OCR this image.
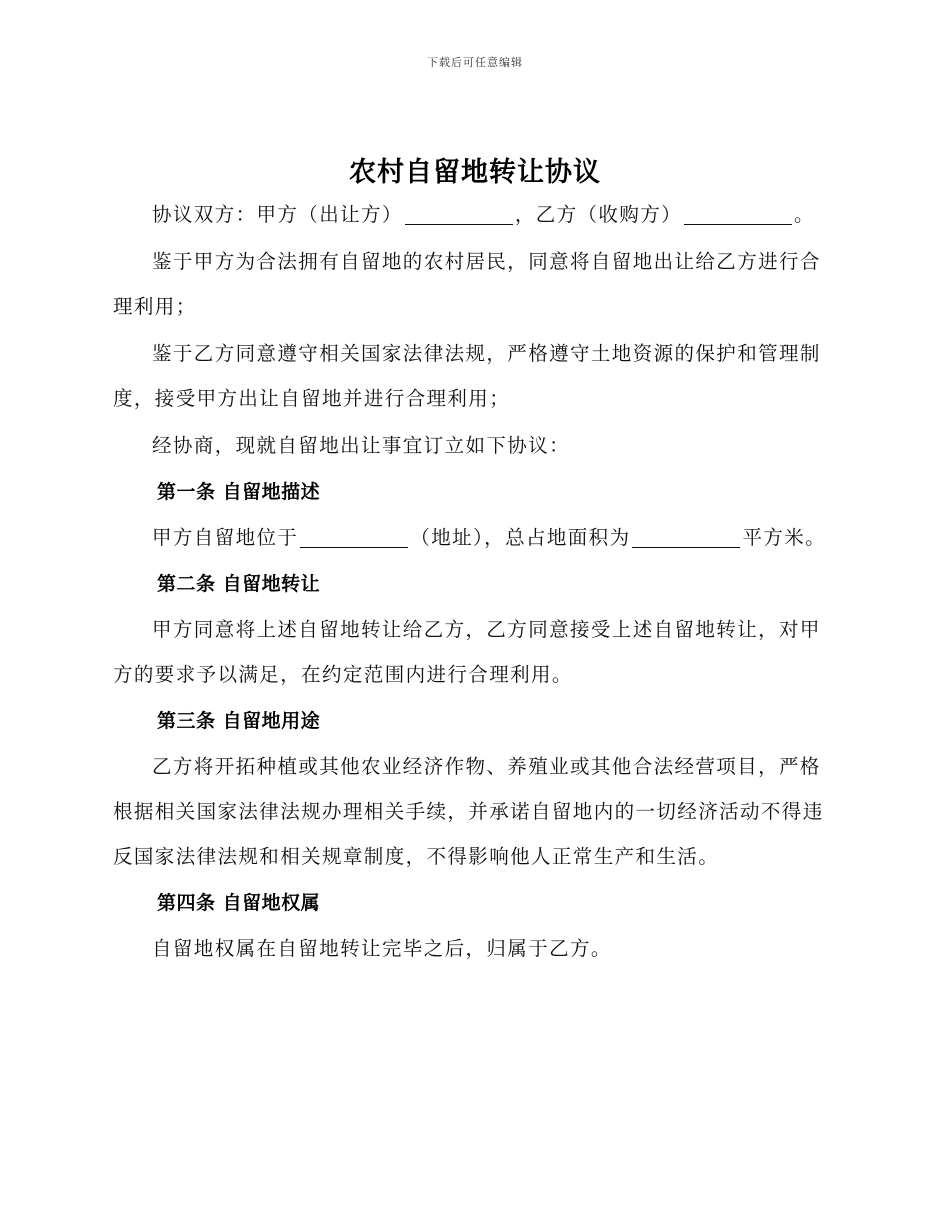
下载后可任意编辑
农村自留地转让协议

协议双方：甲方（出让方）	，乙方（收购方）	。

鉴于甲方为合法拥有自留地的农村居民，同意将自留地出让给乙方进行合理利用；

鉴于乙方同意遵守相关国家法律法规，严格遵守土地资源的保护和管理制度，接受甲方出让自留地并进行合理利用；

经协商，现就自留地出让事宜订立如下协议：

第一条 自留地描述

甲方自留地位于	（地址），总占地面积为	平方米。

第二条 自留地转让

甲方同意将上述自留地转让给乙方，乙方同意接受上述自留地转让，对甲方的要求予以满足，在约定范围内进行合理利用。

第三条 自留地用途

乙方将开拓种植或其他农业经济作物、养殖业或其他合法经营项目，严格根据相关国家法律法规办理相关手续，并承诺自留地内的一切经济活动不得违反国家法律法规和相关规章制度，不得影响他人正常生产和生活。

第四条 自留地权属

自留地权属在自留地转让完毕之后，归属于乙方。
